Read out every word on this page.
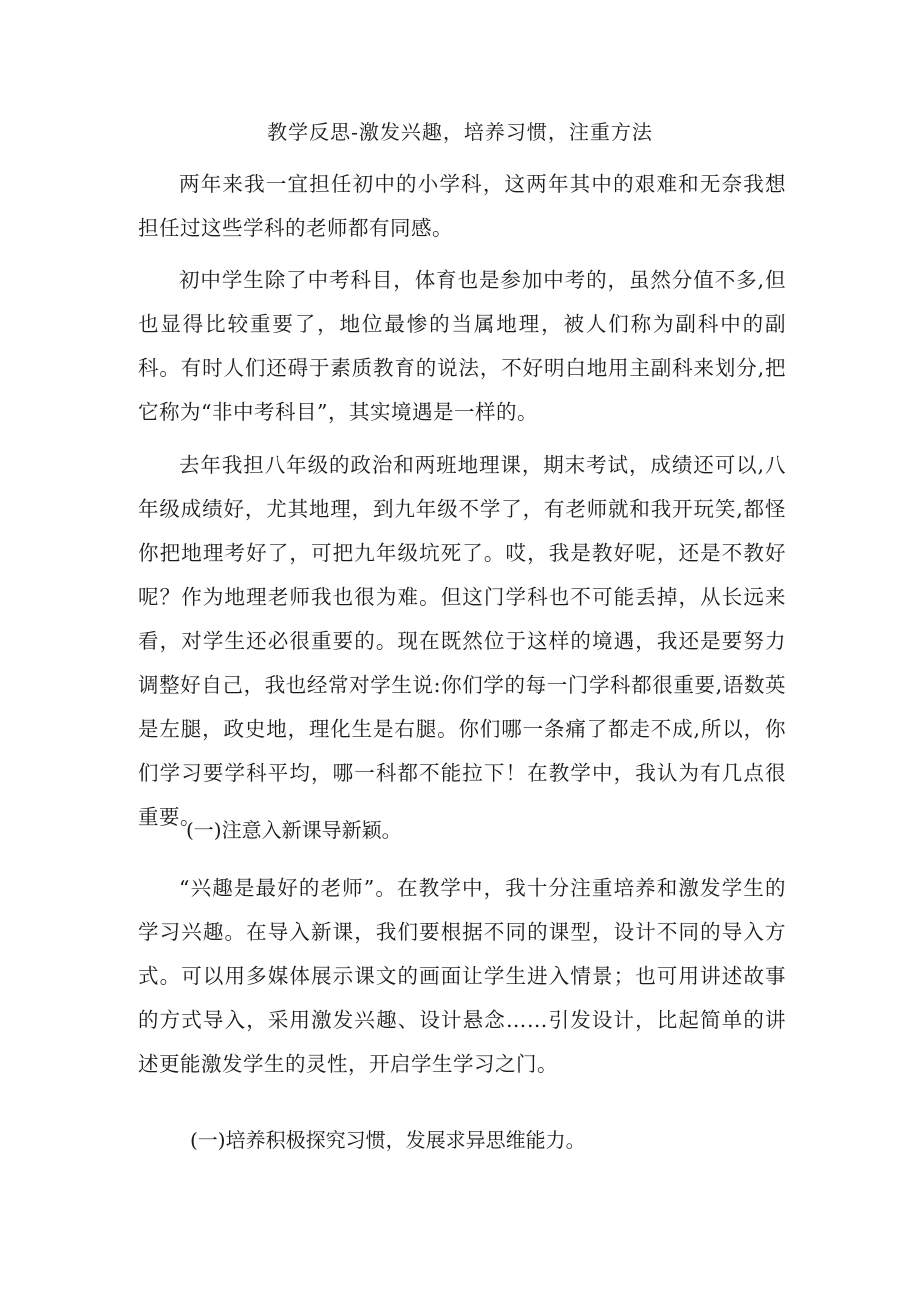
教学反思-激发兴趣，培养习惯，注重方法

两年来我一宜担任初中的小学科，这两年其中的艰难和无奈我想担任过这些学科的老师都有同感。

初中学生除了中考科目，体育也是参加中考的，虽然分值不多,但也显得比较重要了，地位最惨的当属地理，被人们称为副科中的副科。有时人们还碍于素质教育的说法，不好明白地用主副科来划分,把它称为“非中考科目”，其实境遇是一样的。

去年我担八年级的政治和两班地理课，期末考试，成绩还可以,八年级成绩好，尤其地理，到九年级不学了，有老师就和我开玩笑,都怪你把地理考好了，可把九年级坑死了。哎，我是教好呢，还是不教好呢？作为地理老师我也很为难。但这门学科也不可能丢掉，从长远来看，对学生还必很重要的。现在既然位于这样的境遇，我还是要努力调整好自己，我也经常对学生说:你们学的每一门学科都很重要,语数英是左腿，政史地，理化生是右腿。你们哪一条痛了都走不成,所以，你们学习要学科平均，哪一科都不能拉下！在教学中，我认为有几点很重要。

(一)注意入新课导新颖。

“兴趣是最好的老师”。在教学中，我十分注重培养和激发学生的学习兴趣。在导入新课，我们要根据不同的课型，设计不同的导入方式。可以用多媒体展示课文的画面让学生进入情景；也可用讲述故事的方式导入，采用激发兴趣、设计悬念……引发设计，比起简单的讲述更能激发学生的灵性，开启学生学习之门。

(一)培养积极探究习惯，发展求异思维能力。
